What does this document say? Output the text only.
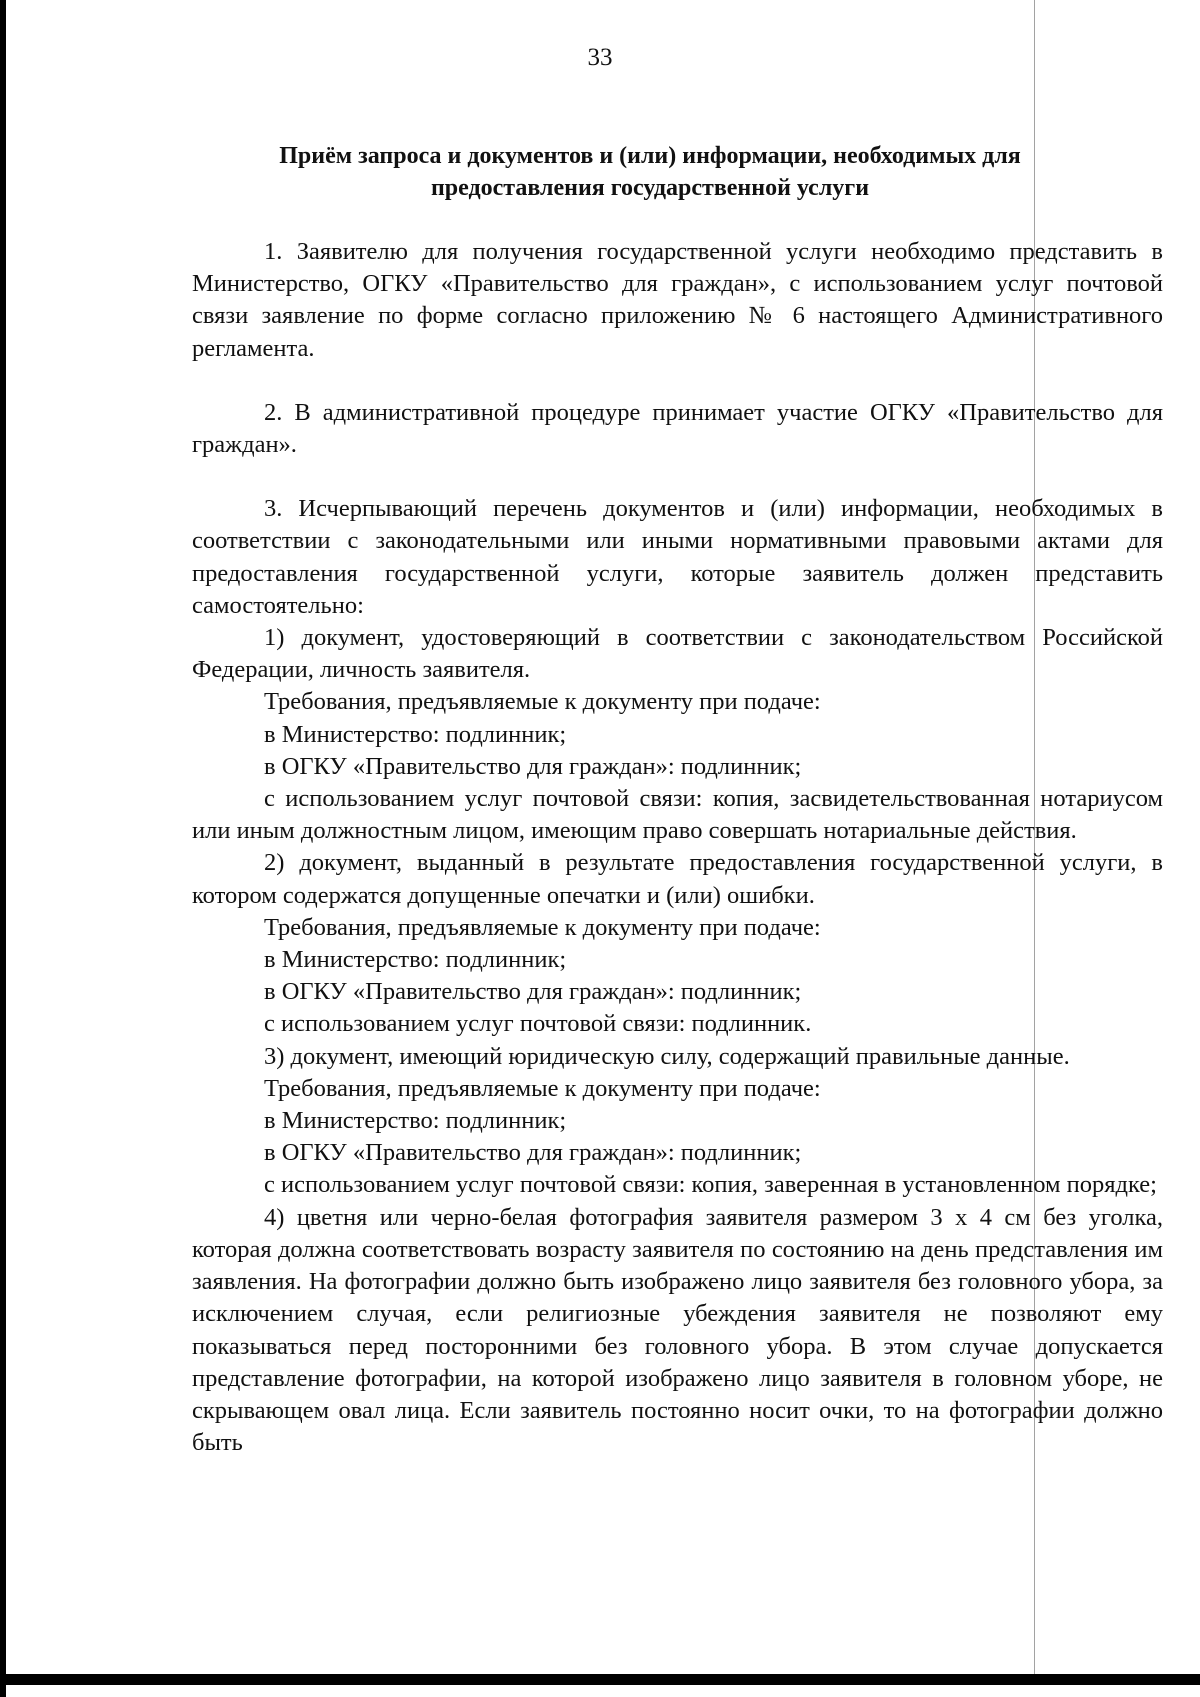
33
Приём запроса и документов и (или) информации, необходимых для
предоставления государственной услуги

1. Заявителю для получения государственной услуги необходимо представить в Министерство, ОГКУ «Правительство для граждан», с использованием услуг почтовой связи заявление по форме согласно приложению № 6 настоящего Административного регламента.

2. В административной процедуре принимает участие ОГКУ «Правительство для граждан».

3. Исчерпывающий перечень документов и (или) информации, необходимых в соответствии с законодательными или иными нормативными правовыми актами для предоставления государственной услуги, которые заявитель должен представить самостоятельно:

1) документ, удостоверяющий в соответствии с законодательством Российской Федерации, личность заявителя.

Требования, предъявляемые к документу при подаче:

в Министерство: подлинник;

в ОГКУ «Правительство для граждан»: подлинник;

с использованием услуг почтовой связи: копия, засвидетельствованная нотариусом или иным должностным лицом, имеющим право совершать нотариальные действия.

2) документ, выданный в результате предоставления государственной услуги, в котором содержатся допущенные опечатки и (или) ошибки.

Требования, предъявляемые к документу при подаче:

в Министерство: подлинник;

в ОГКУ «Правительство для граждан»: подлинник;

с использованием услуг почтовой связи: подлинник.

3) документ, имеющий юридическую силу, содержащий правильные данные.

Требования, предъявляемые к документу при подаче:

в Министерство: подлинник;

в ОГКУ «Правительство для граждан»: подлинник;

с использованием услуг почтовой связи: копия, заверенная в установленном порядке;

4) цветня или черно-белая фотография заявителя размером 3 x 4 см без уголка, которая должна соответствовать возрасту заявителя по состоянию на день представления им заявления. На фотографии должно быть изображено лицо заявителя без головного убора, за исключением случая, если религиозные убеждения заявителя не позволяют ему показываться перед посторонними без головного убора. В этом случае допускается представление фотографии, на которой изображено лицо заявителя в головном уборе, не скрывающем овал лица. Если заявитель постоянно носит очки, то на фотографии должно быть
